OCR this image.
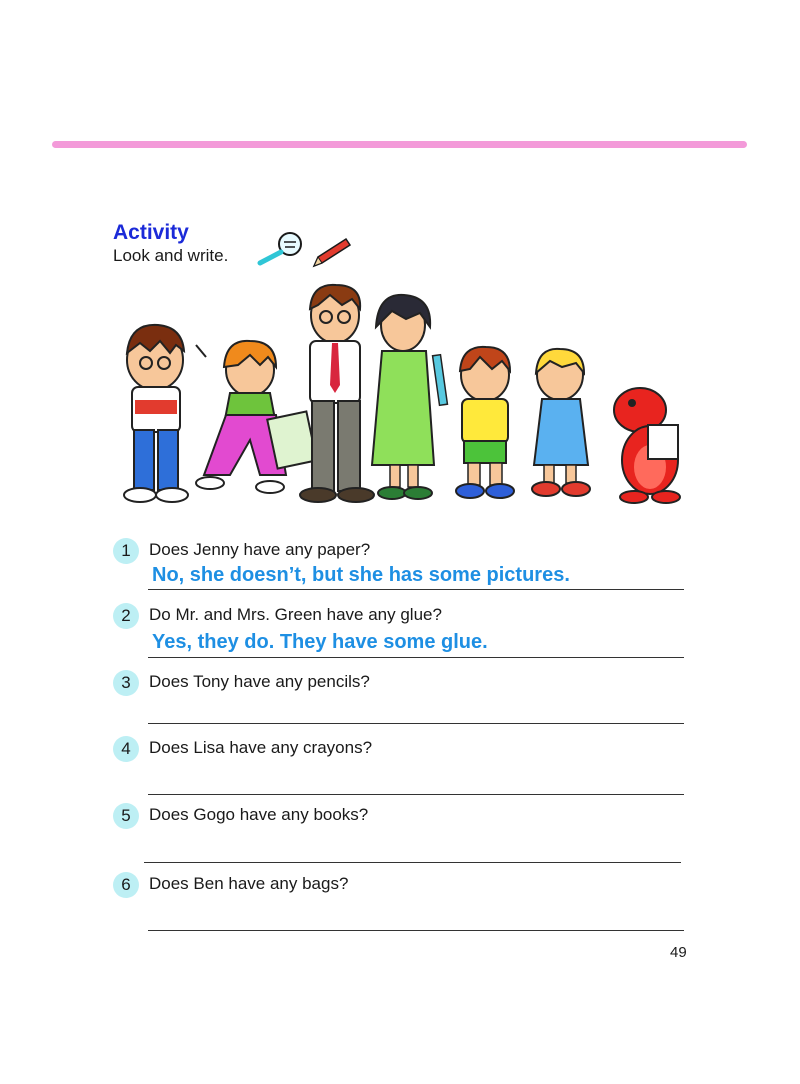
Activity
Look and write.
1	Does Jenny have any paper?
No, she doesn’t, but she has some pictures.
2	Do Mr. and Mrs. Green have any glue?
Yes, they do. They have some glue.
3	Does Tony have any pencils?
4	Does Lisa have any crayons?
5	Does Gogo have any books?
6	Does Ben have any bags?
49
